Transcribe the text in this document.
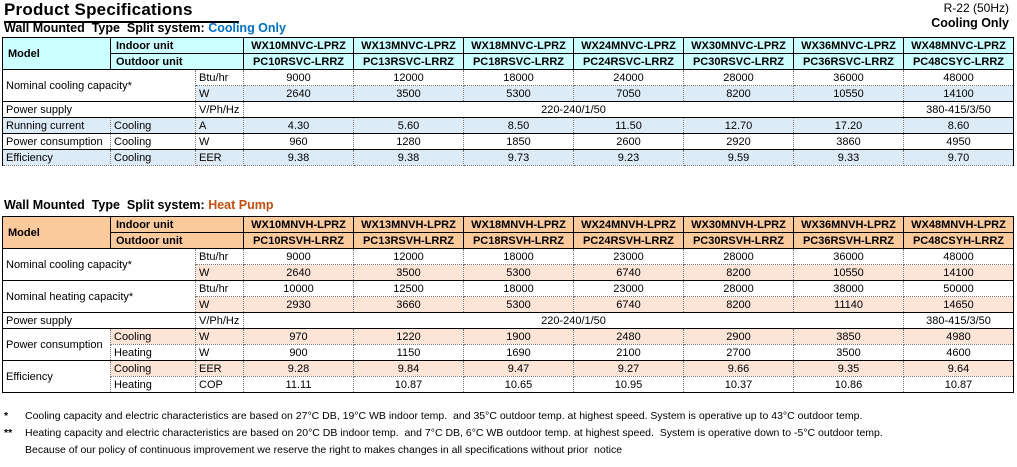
Product Specifications	R-22 (50Hz)
Cooling Only
Wall Mounted  Type  Split system: Cooling Only
Model	Indoor unit		WX10MNVC-LPRZ	WX13MNVC-LPRZ	WX18MNVC-LPRZ	WX24MNVC-LPRZ	WX30MNVC-LPRZ	WX36MNVC-LPRZ	WX48MNVC-LPRZ
	Outdoor unit		PC10RSVC-LRRZ	PC13RSVC-LRRZ	PC18RSVC-LRRZ	PC24RSVC-LRRZ	PC30RSVC-LRRZ	PC36RSVC-LRRZ	PC48CSYC-LRRZ
Nominal cooling capacity*		Btu/hr	9000	12000	18000	24000	28000	36000	48000
		W	2640	3500	5300	7050	8200	10550	14100
Power supply		V/Ph/Hz	220-240/1/50						380-415/3/50
Running current	Cooling	A	4.30	5.60	8.50	11.50	12.70	17.20	8.60
Power consumption	Cooling	W	960	1280	1850	2600	2920	3860	4950
Efficiency	Cooling	EER	9.38	9.38	9.73	9.23	9.59	9.33	9.70
Wall Mounted  Type  Split system: Heat Pump
Model	Indoor unit		WX10MNVH-LPRZ	WX13MNVH-LPRZ	WX18MNVH-LPRZ	WX24MNVH-LPRZ	WX30MNVH-LPRZ	WX36MNVH-LPRZ	WX48MNVH-LPRZ
	Outdoor unit		PC10RSVH-LRRZ	PC13RSVH-LRRZ	PC18RSVH-LRRZ	PC24RSVH-LRRZ	PC30RSVH-LRRZ	PC36RSVH-LRRZ	PC48CSYH-LRRZ
Nominal cooling capacity*		Btu/hr	9000	12000	18000	23000	28000	36000	48000
		W	2640	3500	5300	6740	8200	10550	14100
Nominal heating capacity*		Btu/hr	10000	12500	18000	23000	28000	38000	50000
		W	2930	3660	5300	6740	8200	11140	14650
Power supply		V/Ph/Hz	220-240/1/50						380-415/3/50
Power consumption	Cooling	W	970	1220	1900	2480	2900	3850	4980
	Heating	W	900	1150	1690	2100	2700	3500	4600
Efficiency	Cooling	EER	9.28	9.84	9.47	9.27	9.66	9.35	9.64
	Heating	COP	11.11	10.87	10.65	10.95	10.37	10.86	10.87
*	Cooling capacity and electric characteristics are based on 27°C DB, 19°C WB indoor temp.  and 35°C outdoor temp. at highest speed. System is operative up to 43°C outdoor temp.
**	Heating capacity and electric characteristics are based on 20°C DB indoor temp.  and 7°C DB, 6°C WB outdoor temp. at highest speed.  System is operative down to -5°C outdoor temp.
Because of our policy of continuous improvement we reserve the right to makes changes in all specifications without prior  notice
